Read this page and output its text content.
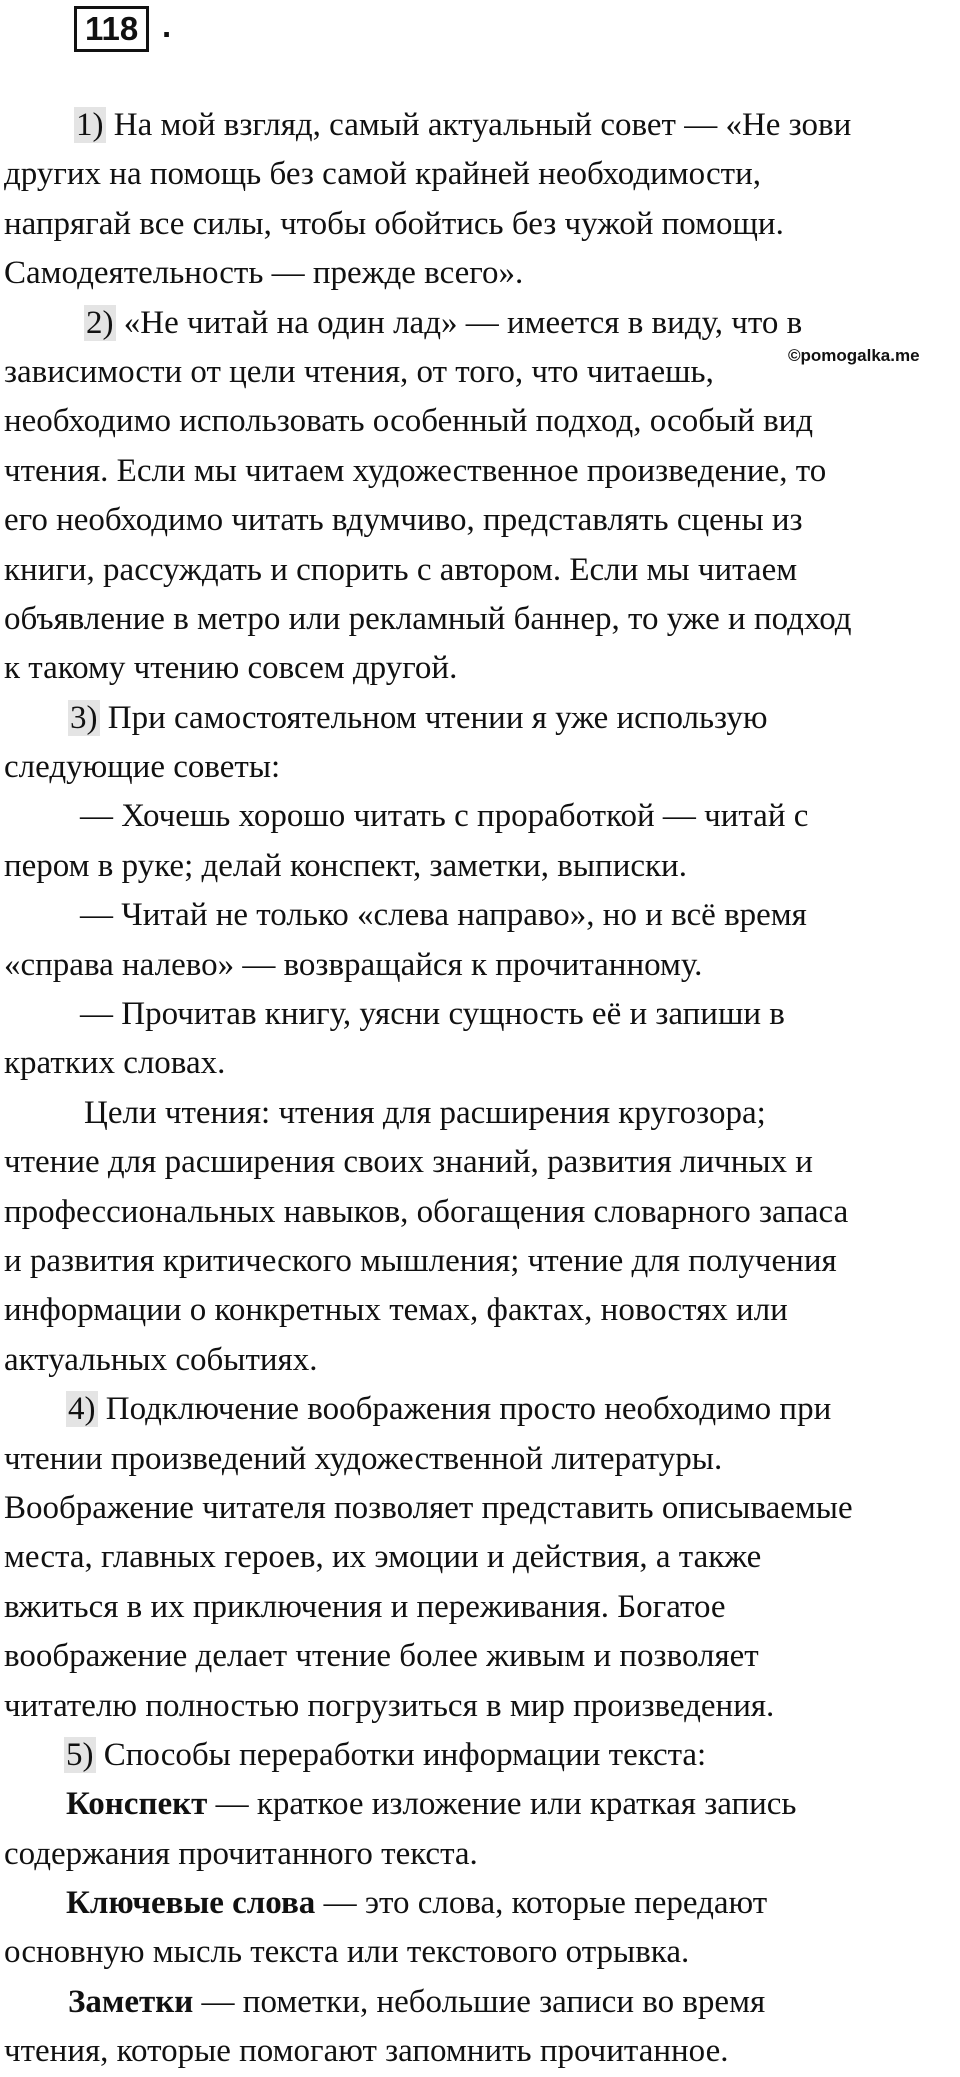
118 .
©pomogalka.me
1) На мой взгляд, самый актуальный совет — «Не зови
других на помощь без самой крайней необходимости,
напрягай все силы, чтобы обойтись без чужой помощи.
Самодеятельность — прежде всего».
2) «Не читай на один лад» — имеется в виду, что в
зависимости от цели чтения, от того, что читаешь,
необходимо использовать особенный подход, особый вид
чтения. Если мы читаем художественное произведение, то
его необходимо читать вдумчиво, представлять сцены из
книги, рассуждать и спорить с автором. Если мы читаем
объявление в метро или рекламный баннер, то уже и подход
к такому чтению совсем другой.
3) При самостоятельном чтении я уже использую
следующие советы:
— Хочешь хорошо читать с проработкой — читай с
пером в руке; делай конспект, заметки, выписки.
— Читай не только «слева направо», но и всё время
«справа налево» — возвращайся к прочитанному.
— Прочитав книгу, уясни сущность её и запиши в
кратких словах.
Цели чтения: чтения для расширения кругозора;
чтение для расширения своих знаний, развития личных и
профессиональных навыков, обогащения словарного запаса
и развития критического мышления; чтение для получения
информации о конкретных темах, фактах, новостях или
актуальных событиях.
4) Подключение воображения просто необходимо при
чтении произведений художественной литературы.
Воображение читателя позволяет представить описываемые
места, главных героев, их эмоции и действия, а также
вжиться в их приключения и переживания. Богатое
воображение делает чтение более живым и позволяет
читателю полностью погрузиться в мир произведения.
5) Способы переработки информации текста:
Конспект — краткое изложение или краткая запись
содержания прочитанного текста.
Ключевые слова — это слова, которые передают
основную мысль текста или текстового отрывка.
Заметки — пометки, небольшие записи во время
чтения, которые помогают запомнить прочитанное.
